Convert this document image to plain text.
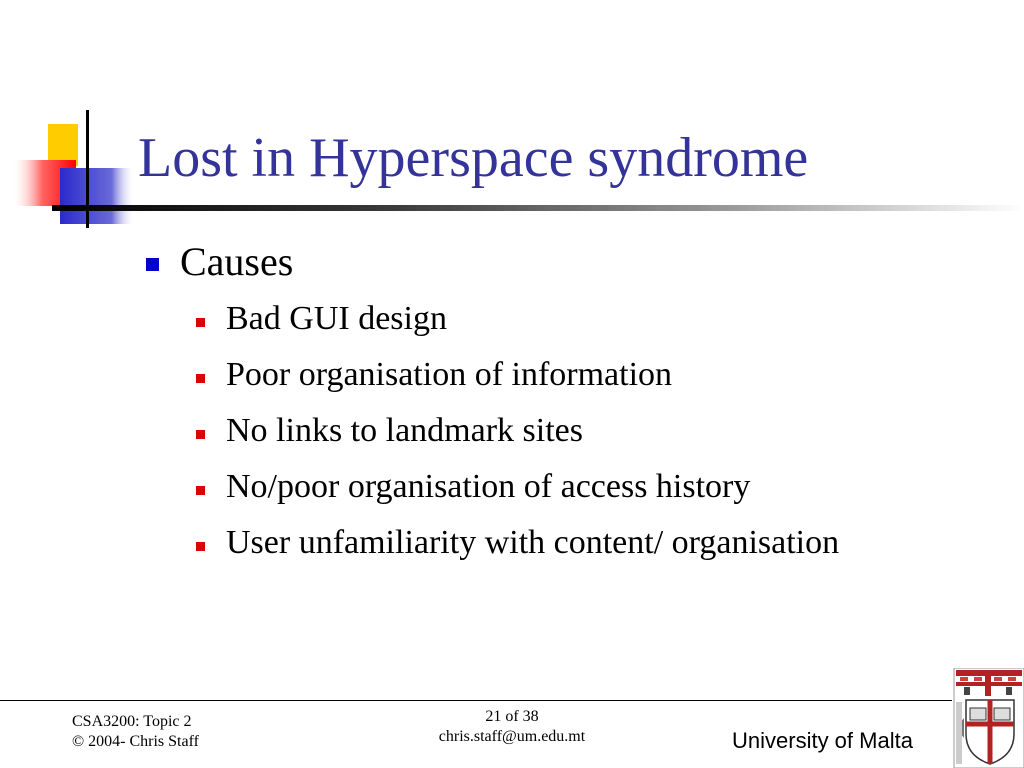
Lost in Hyperspace syndrome
Causes
Bad GUI design
Poor organisation of information
No links to landmark sites
No/poor organisation of access history
User unfamiliarity with content/ organisation
CSA3200: Topic 2
© 2004- Chris Staff
21 of 38
chris.staff@um.edu.mt	University of Malta
